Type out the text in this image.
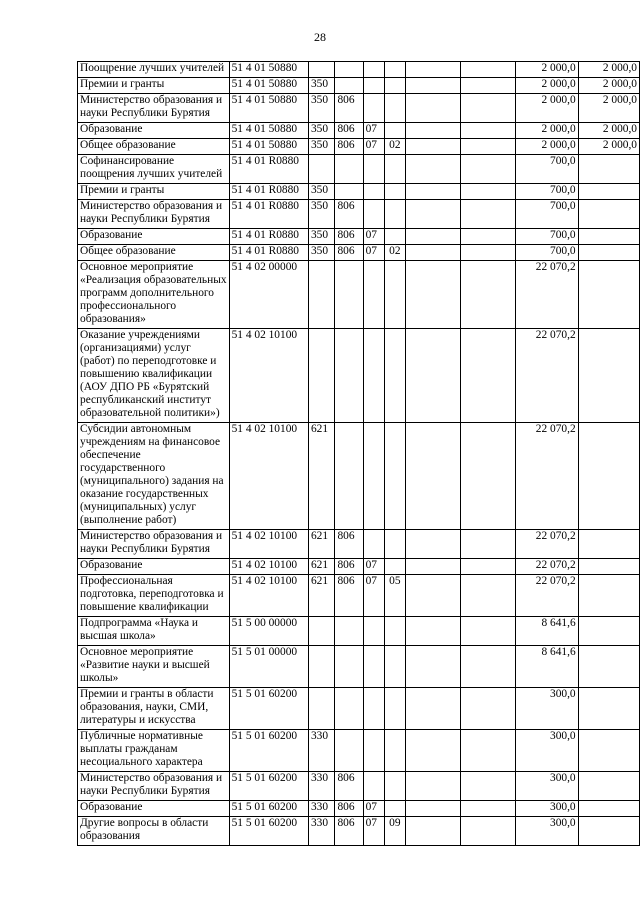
28
Поощрение лучших учителей	51 4 01 50880							2 000,0	2 000,0
Премии и гранты	51 4 01 50880	350						2 000,0	2 000,0
Министерство образования и науки Республики Бурятия	51 4 01 50880	350	806					2 000,0	2 000,0
Образование	51 4 01 50880	350	806	07				2 000,0	2 000,0
Общее образование	51 4 01 50880	350	806	07	02			2 000,0	2 000,0
Софинансирование поощрения лучших учителей	51 4 01 R0880							700,0	
Премии и гранты	51 4 01 R0880	350						700,0	
Министерство образования и науки Республики Бурятия	51 4 01 R0880	350	806					700,0	
Образование	51 4 01 R0880	350	806	07				700,0	
Общее образование	51 4 01 R0880	350	806	07	02			700,0	
Основное мероприятие «Реализация образовательных программ дополнительного профессионального образования»	51 4 02 00000							22 070,2	
Оказание учреждениями (организациями) услуг (работ) по переподготовке и повышению квалификации (АОУ ДПО РБ «Бурятский республиканский институт образовательной политики»)	51 4 02 10100							22 070,2	
Субсидии автономным учреждениям на финансовое обеспечение государственного (муниципального) задания на оказание государственных (муниципальных) услуг (выполнение работ)	51 4 02 10100	621						22 070,2	
Министерство образования и науки Республики Бурятия	51 4 02 10100	621	806					22 070,2	
Образование	51 4 02 10100	621	806	07				22 070,2	
Профессиональная подготовка, переподготовка и повышение квалификации	51 4 02 10100	621	806	07	05			22 070,2	
Подпрограмма «Наука и высшая школа»	51 5 00 00000							8 641,6	
Основное мероприятие «Развитие науки и высшей школы»	51 5 01 00000							8 641,6	
Премии и гранты в области образования, науки, СМИ, литературы и искусства	51 5 01 60200							300,0	
Публичные нормативные выплаты гражданам несоциального характера	51 5 01 60200	330						300,0	
Министерство образования и науки Республики Бурятия	51 5 01 60200	330	806					300,0	
Образование	51 5 01 60200	330	806	07				300,0	
Другие вопросы в области образования	51 5 01 60200	330	806	07	09			300,0	
